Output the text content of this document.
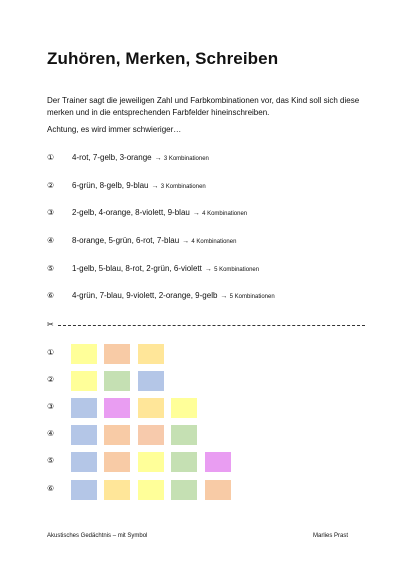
Zuhören, Merken, Schreiben
Der Trainer sagt die jeweiligen Zahl und Farbkombinationen vor, das Kind soll sich diese merken und in die entsprechenden Farbfelder hineinschreiben.
Achtung, es wird immer schwieriger…
① 4-rot, 7-gelb, 3-orange → 3 Kombinationen
② 6-grün, 8-gelb, 9-blau → 3 Kombinationen
③ 2-gelb, 4-orange, 8-violett, 9-blau → 4 Kombinationen
④ 8-orange, 5-grün, 6-rot, 7-blau → 4 Kombinationen
⑤ 1-gelb, 5-blau, 8-rot, 2-grün, 6-violett → 5 Kombinationen
⑥ 4-grün, 7-blau, 9-violett, 2-orange, 9-gelb → 5 Kombinationen
✂
①
②
③
④
⑤
⑥
Akustisches Gedächtnis – mit Symbol	Marlies Prast
